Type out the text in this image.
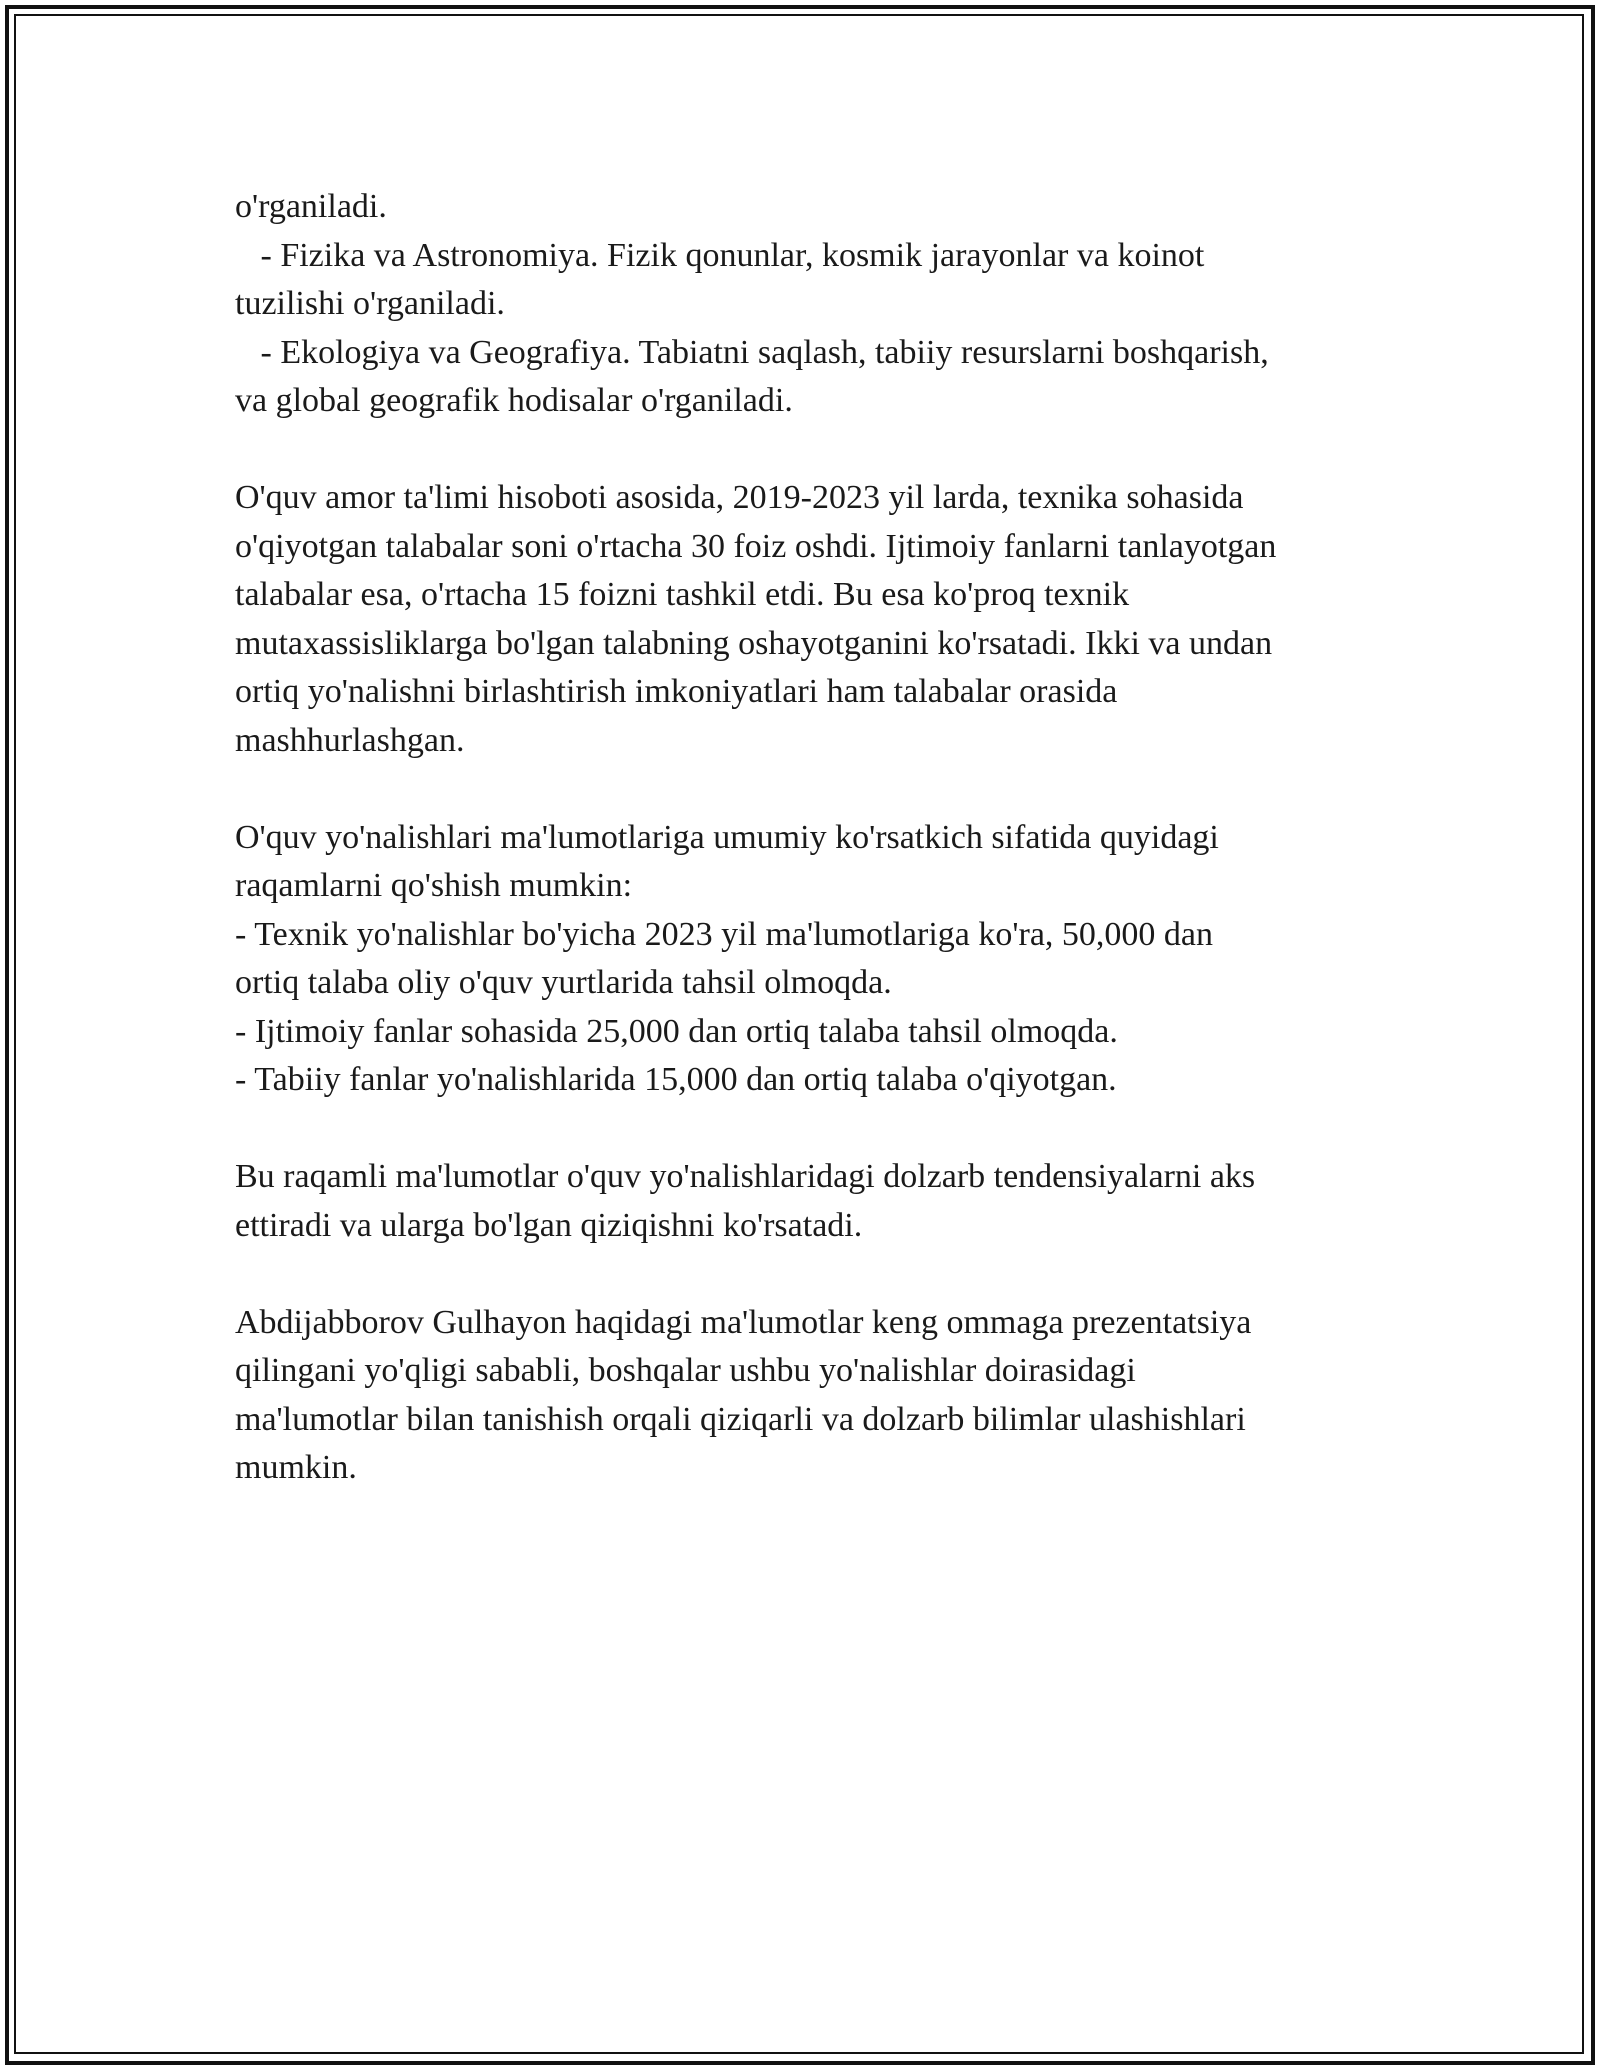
o'rganiladi.
- Fizika va Astronomiya. Fizik qonunlar, kosmik jarayonlar va koinot
tuzilishi o'rganiladi.
- Ekologiya va Geografiya. Tabiatni saqlash, tabiiy resurslarni boshqarish,
va global geografik hodisalar o'rganiladi.
O'quv amor ta'limi hisoboti asosida, 2019-2023 yil larda, texnika sohasida
o'qiyotgan talabalar soni o'rtacha 30 foiz oshdi. Ijtimoiy fanlarni tanlayotgan
talabalar esa, o'rtacha 15 foizni tashkil etdi. Bu esa ko'proq texnik
mutaxassisliklarga bo'lgan talabning oshayotganini ko'rsatadi. Ikki va undan
ortiq yo'nalishni birlashtirish imkoniyatlari ham talabalar orasida
mashhurlashgan.
O'quv yo'nalishlari ma'lumotlariga umumiy ko'rsatkich sifatida quyidagi
raqamlarni qo'shish mumkin:
- Texnik yo'nalishlar bo'yicha 2023 yil ma'lumotlariga ko'ra, 50,000 dan
ortiq talaba oliy o'quv yurtlarida tahsil olmoqda.
- Ijtimoiy fanlar sohasida 25,000 dan ortiq talaba tahsil olmoqda.
- Tabiiy fanlar yo'nalishlarida 15,000 dan ortiq talaba o'qiyotgan.
Bu raqamli ma'lumotlar o'quv yo'nalishlaridagi dolzarb tendensiyalarni aks
ettiradi va ularga bo'lgan qiziqishni ko'rsatadi.
Abdijabborov Gulhayon haqidagi ma'lumotlar keng ommaga prezentatsiya
qilingani yo'qligi sababli, boshqalar ushbu yo'nalishlar doirasidagi
ma'lumotlar bilan tanishish orqali qiziqarli va dolzarb bilimlar ulashishlari
mumkin.
